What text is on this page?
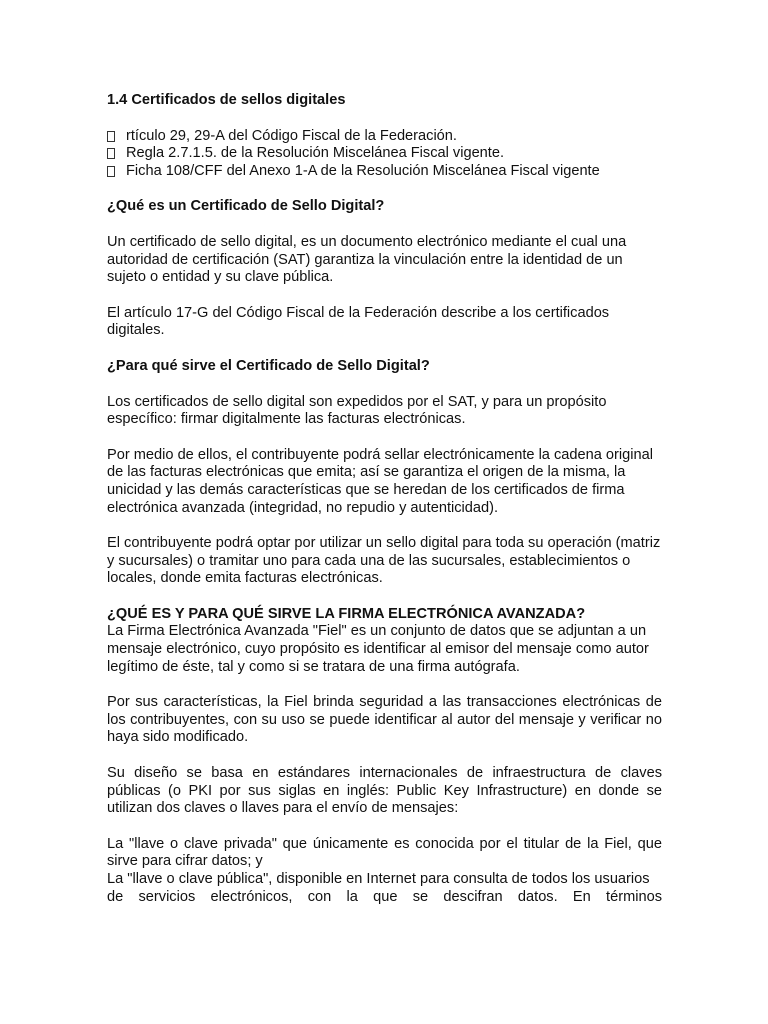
1.4 Certificados de sellos digitales

rtículo 29, 29-A del Código Fiscal de la Federación.
Regla 2.7.1.5. de la Resolución Miscelánea Fiscal vigente.
Ficha 108/CFF del Anexo 1-A de la Resolución Miscelánea Fiscal vigente

¿Qué es un Certificado de Sello Digital?

Un certificado de sello digital, es un documento electrónico mediante el cual una autoridad de certificación (SAT) garantiza la vinculación entre la identidad de un sujeto o entidad y su clave pública.

El artículo 17-G del Código Fiscal de la Federación describe a los certificados digitales.

¿Para qué sirve el Certificado de Sello Digital?

Los certificados de sello digital son expedidos por el SAT, y para un propósito específico: firmar digitalmente las facturas electrónicas.

Por medio de ellos, el contribuyente podrá sellar electrónicamente la cadena original de las facturas electrónicas que emita; así se garantiza el origen de la misma, la unicidad y las demás características que se heredan de los certificados de firma electrónica avanzada (integridad, no repudio y autenticidad).

El contribuyente podrá optar por utilizar un sello digital para toda su operación (matriz y sucursales) o tramitar uno para cada una de las sucursales, establecimientos o locales, donde emita facturas electrónicas.

¿QUÉ ES Y PARA QUÉ SIRVE LA FIRMA ELECTRÓNICA AVANZADA?

La Firma Electrónica Avanzada "Fiel" es un conjunto de datos que se adjuntan a un mensaje electrónico, cuyo propósito es identificar al emisor del mensaje como autor legítimo de éste, tal y como si se tratara de una firma autógrafa.

Por sus características, la Fiel brinda seguridad a las transacciones electrónicas de los contribuyentes, con su uso se puede identificar al autor del mensaje y verificar no haya sido modificado.

Su diseño se basa en estándares internacionales de infraestructura de claves públicas (o PKI por sus siglas en inglés: Public Key Infrastructure) en donde se utilizan dos claves o llaves para el envío de mensajes:

La "llave o clave privada" que únicamente es conocida por el titular de la Fiel, que sirve para cifrar datos; y

La "llave o clave pública", disponible en Internet para consulta de todos los usuarios

de servicios electrónicos, con la que se descifran datos. En términos
